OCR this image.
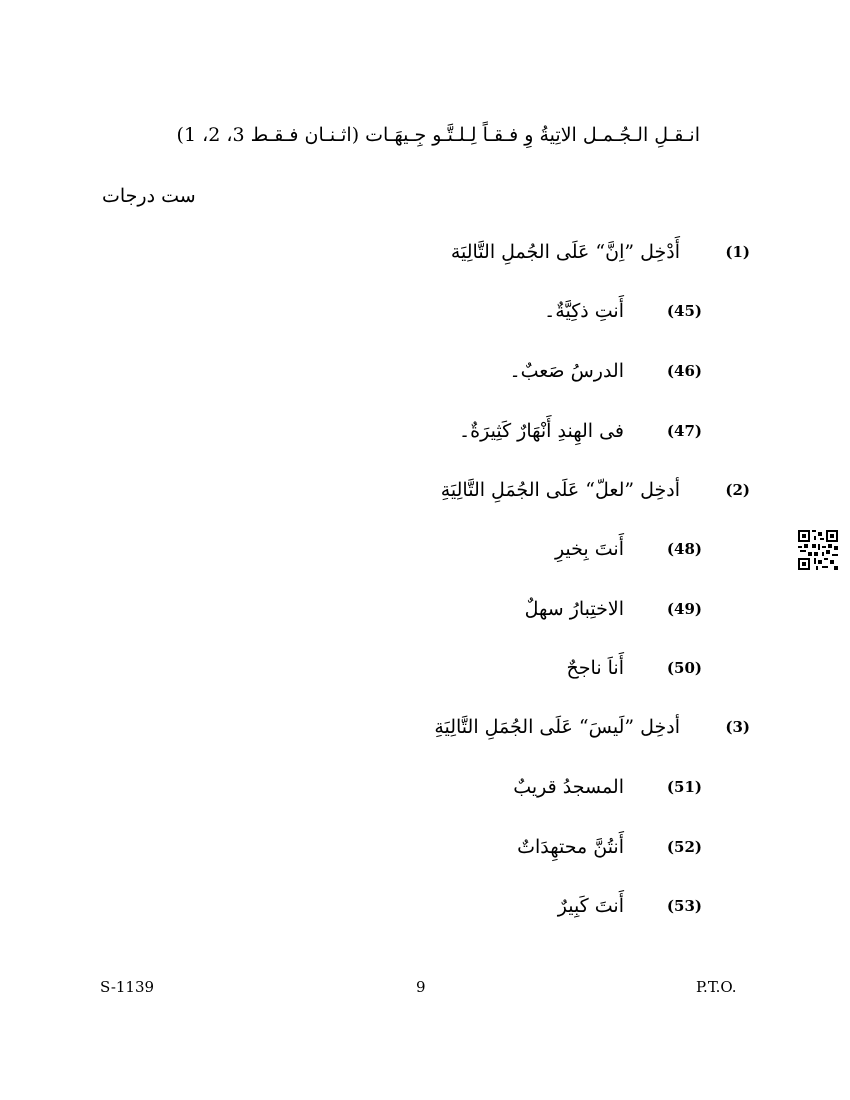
انـقـلِ الـجُـمـل الاتِيةُ وِ فـقـاً لِـلـتَّـو جِـيهَـات (اثـنـان فـقـط 3، 2، 1)
ست درجات
(1)
أَدْخِل ”اِنَّ“ عَلَى الجُملِ التَّالِيَة
(45)
أَنتِ ذكِيَّةٌ۔
(46)
الدرسُ صَعبٌ۔
(47)
فی الهِندِ أَنْهَارٌ كَثِيرَةٌ۔
(2)
أدخِل ”لعلّ“ عَلَى الجُمَلِ التَّالِيَةِ
(48)
أَنتَ بِخيرِ
(49)
الاختِبارُ سهلٌ
(50)
أَناَ ناجحٌ
(3)
أدخِل ”لَيسَ“ عَلَى الجُمَلِ التَّالِيَةِ
(51)
المسجدُ قريبٌ
(52)
أَنتُنَّ محتهِدَاتٌ
(53)
أَنتَ كَبِيرٌ
S-1139	9	P.T.O.
